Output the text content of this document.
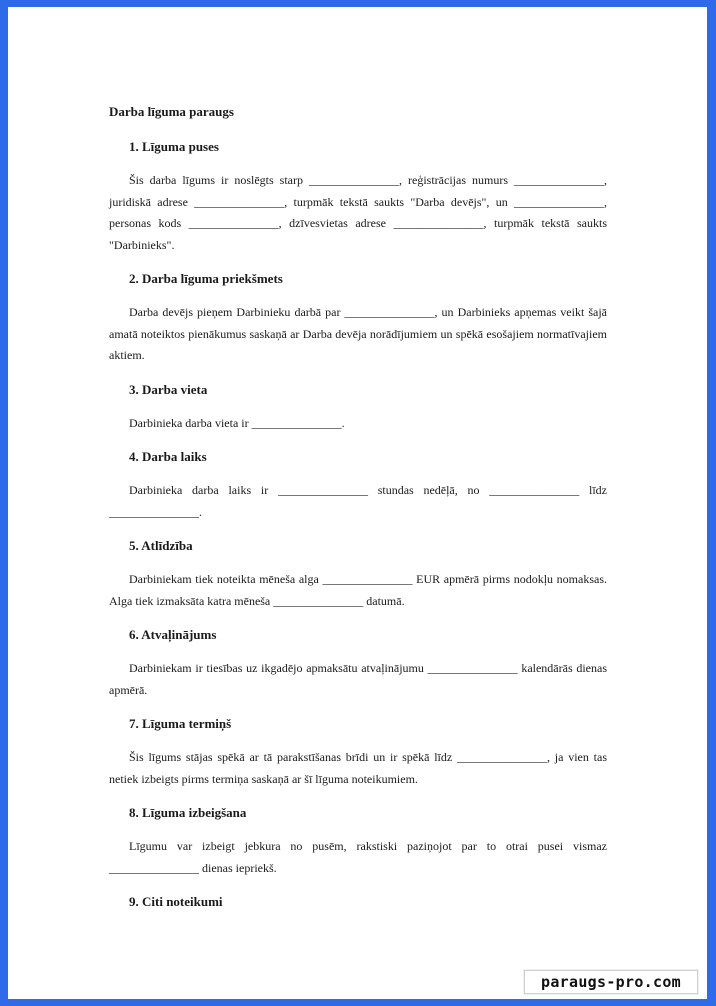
Darba līguma paraugs
1. Līguma puses

Šis darba līgums ir noslēgts starp _______________, reģistrācijas numurs _______________, juridiskā adrese _______________, turpmāk tekstā saukts "Darba devējs", un _______________, personas kods _______________, dzīvesvietas adrese _______________, turpmāk tekstā saukts "Darbinieks".

2. Darba līguma priekšmets

Darba devējs pieņem Darbinieku darbā par _______________, un Darbinieks apņemas veikt šajā amatā noteiktos pienākumus saskaņā ar Darba devēja norādījumiem un spēkā esošajiem normatīvajiem aktiem.

3. Darba vieta

Darbinieka darba vieta ir _______________.

4. Darba laiks

Darbinieka darba laiks ir _______________ stundas nedēļā, no _______________ līdz _______________.

5. Atlīdzība

Darbiniekam tiek noteikta mēneša alga _______________ EUR apmērā pirms nodokļu nomaksas. Alga tiek izmaksāta katra mēneša _______________ datumā.

6. Atvaļinājums

Darbiniekam ir tiesības uz ikgadējo apmaksātu atvaļinājumu _______________ kalendārās dienas apmērā.

7. Līguma termiņš

Šis līgums stājas spēkā ar tā parakstīšanas brīdi un ir spēkā līdz _______________, ja vien tas netiek izbeigts pirms termiņa saskaņā ar šī līguma noteikumiem.

8. Līguma izbeigšana

Līgumu var izbeigt jebkura no pusēm, rakstiski paziņojot par to otrai pusei vismaz _______________ dienas iepriekš.

9. Citi noteikumi
paraugs-pro.com
